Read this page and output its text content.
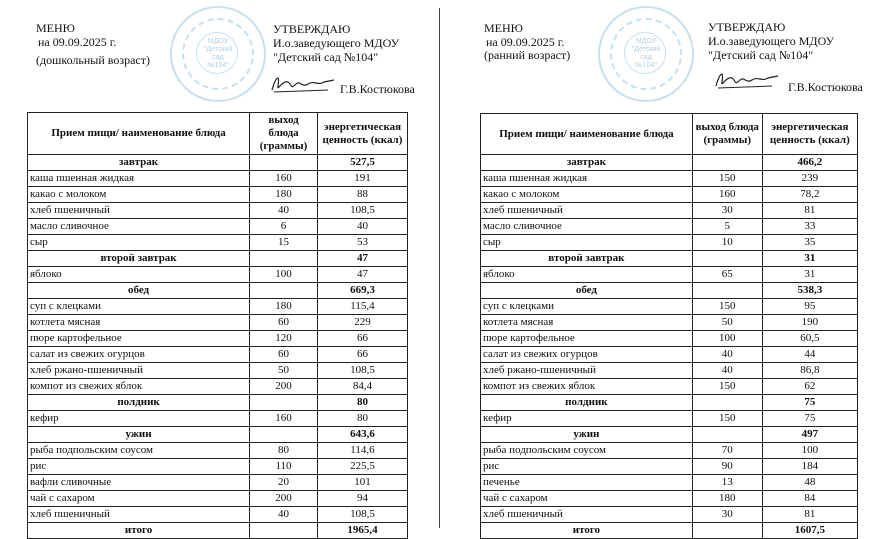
МЕНЮ
на 09.09.2025 г.
(дошкольный возраст)
МДОУ
"Детский
сад
№104"
УТВЕРЖДАЮ
И.о.заведующего МДОУ
"Детский сад №104"
Г.В.Костюкова
Прием пищи/ наименование блюда	выход блюда (граммы)	энергетическая ценность (ккал)
завтрак		527,5
каша пшенная жидкая	160	191
какао с молоком	180	88
хлеб пшеничный	40	108,5
масло сливочное	6	40
сыр	15	53
второй завтрак		47
яблоко	100	47
обед		669,3
суп с клецками	180	115,4
котлета мясная	60	229
пюре картофельное	120	66
салат из свежих огурцов	60	66
хлеб ржано-пшеничный	50	108,5
компот из свежих яблок	200	84,4
полдник		80
кефир	160	80
ужин		643,6
рыба подпольским соусом	80	114,6
рис	110	225,5
вафли сливочные	20	101
чай с сахаром	200	94
хлеб пшеничный	40	108,5
итого		1965,4
МЕНЮ
на 09.09.2025 г.
(ранний возраст)
МДОУ
"Детский
сад
№104"
УТВЕРЖДАЮ
И.о.заведующего МДОУ
"Детский сад №104"
Г.В.Костюкова
Прием пищи/ наименование блюда	выход блюда (граммы)	энергетическая ценность (ккал)
завтрак		466,2
каша пшенная жидкая	150	239
какао с молоком	160	78,2
хлеб пшеничный	30	81
масло сливочное	5	33
сыр	10	35
второй завтрак		31
яблоко	65	31
обед		538,3
суп с клецками	150	95
котлета мясная	50	190
пюре картофельное	100	60,5
салат из свежих огурцов	40	44
хлеб ржано-пшеничный	40	86,8
компот из свежих яблок	150	62
полдник		75
кефир	150	75
ужин		497
рыба подпольским соусом	70	100
рис	90	184
печенье	13	48
чай с сахаром	180	84
хлеб пшеничный	30	81
итого		1607,5
